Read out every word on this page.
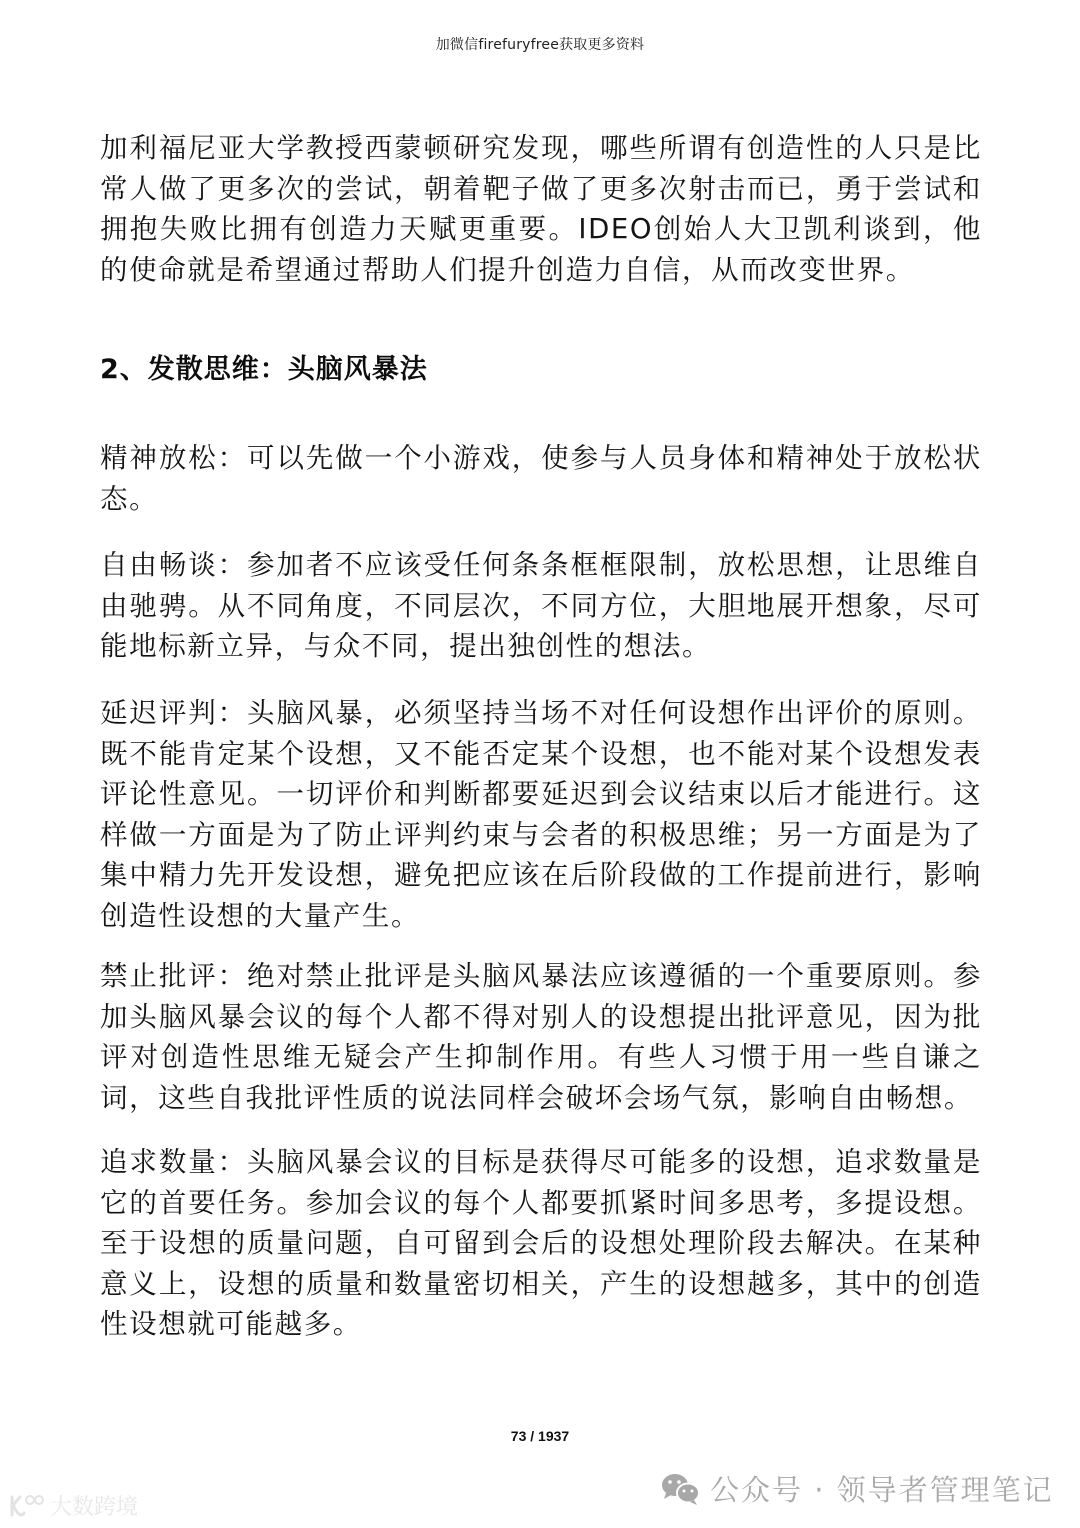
加微信firefuryfree获取更多资料

加利福尼亚大学教授西蒙顿研究发现，哪些所谓有创造性的人只是比常人做了更多次的尝试，朝着靶子做了更多次射击而已，勇于尝试和拥抱失败比拥有创造力天赋更重要。IDEO创始人大卫凯利谈到，他的使命就是希望通过帮助人们提升创造力自信，从而改变世界。

2、发散思维：头脑风暴法

精神放松：可以先做一个小游戏，使参与人员身体和精神处于放松状态。

自由畅谈：参加者不应该受任何条条框框限制，放松思想，让思维自由驰骋。从不同角度，不同层次，不同方位，大胆地展开想象，尽可能地标新立异，与众不同，提出独创性的想法。

延迟评判：头脑风暴，必须坚持当场不对任何设想作出评价的原则。既不能肯定某个设想，又不能否定某个设想，也不能对某个设想发表评论性意见。一切评价和判断都要延迟到会议结束以后才能进行。这样做一方面是为了防止评判约束与会者的积极思维；另一方面是为了集中精力先开发设想，避免把应该在后阶段做的工作提前进行，影响创造性设想的大量产生。

禁止批评：绝对禁止批评是头脑风暴法应该遵循的一个重要原则。参加头脑风暴会议的每个人都不得对别人的设想提出批评意见，因为批评对创造性思维无疑会产生抑制作用。有些人习惯于用一些自谦之词，这些自我批评性质的说法同样会破坏会场气氛，影响自由畅想。

追求数量：头脑风暴会议的目标是获得尽可能多的设想，追求数量是它的首要任务。参加会议的每个人都要抓紧时间多思考，多提设想。至于设想的质量问题，自可留到会后的设想处理阶段去解决。在某种意义上，设想的质量和数量密切相关，产生的设想越多，其中的创造性设想就可能越多。

73 / 1937
大数跨境
公众号 · 领导者管理笔记
